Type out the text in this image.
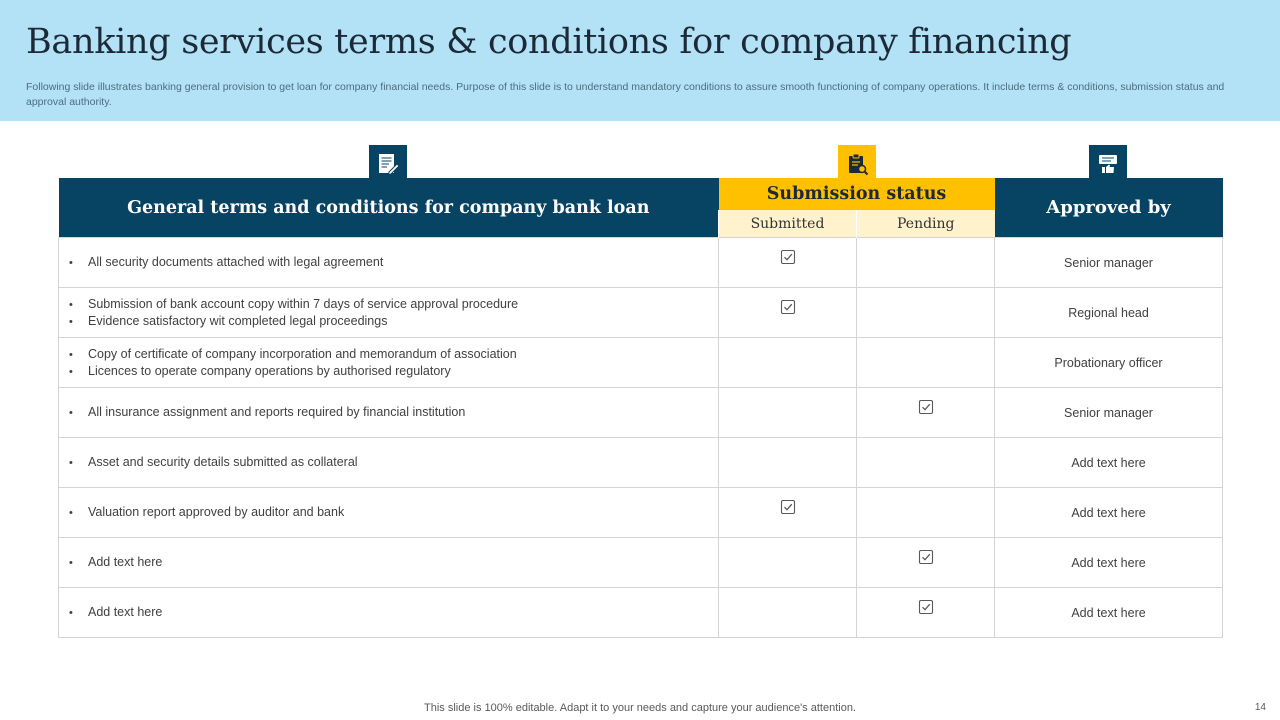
Banking services terms & conditions for company financing

Following slide illustrates banking general provision to get loan for company financial needs. Purpose of this slide is to understand mandatory conditions to assure smooth functioning of company operations. It include terms & conditions, submission status and approval authority.

General terms and conditions for company bank loan	Submission status		Approved by
	Submitted	Pending	

• All security documents attached with legal agreement			Senior manager

• Submission of bank account copy within 7 days of service approval procedure
• Evidence satisfactory wit completed legal proceedings			Regional head

• Copy of certificate of company incorporation and memorandum of association
• Licences to operate company operations by authorised regulatory			Probationary officer

• All insurance assignment and reports required by financial institution			Senior manager

• Asset and security details submitted as collateral			Add text here

• Valuation report approved by auditor and bank			Add text here

• Add text here			Add text here

• Add text here			Add text here
This slide is 100% editable. Adapt it to your needs and capture your audience's attention.	14
